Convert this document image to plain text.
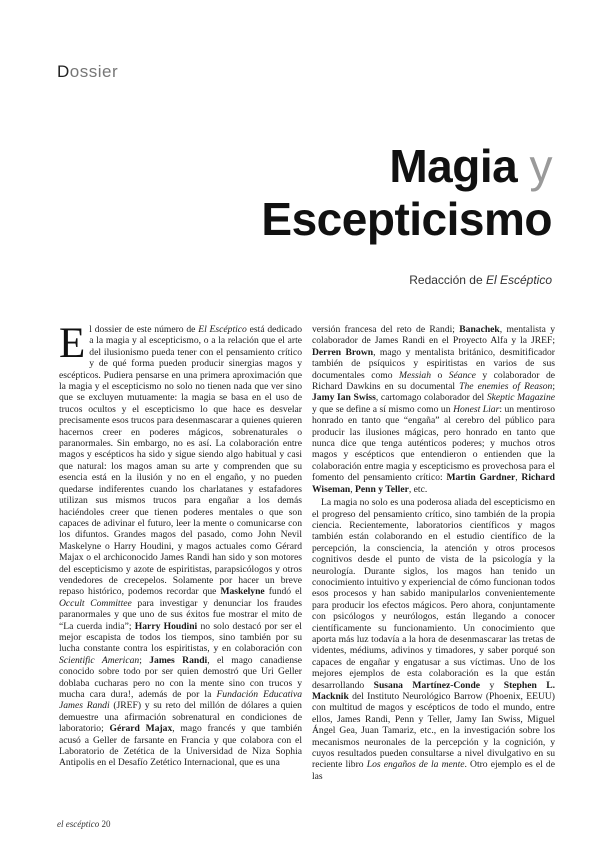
Dossier
Magia y
Escepticismo
Redacción de El Escéptico

El dossier de este número de El Escéptico está dedicado a la magia y al escepticismo, o a la relación que el arte del ilusionismo pueda tener con el pensamiento crítico y de qué forma pueden producir sinergias magos y escépticos. Pudiera pensarse en una primera aproximación que la magia y el escepticismo no solo no tienen nada que ver sino que se excluyen mutuamente: la magia se basa en el uso de trucos ocultos y el escepticismo lo que hace es desvelar precisamente esos trucos para desenmascarar a quienes quieren hacernos creer en poderes mágicos, sobrenaturales o paranormales. Sin embargo, no es así. La colaboración entre magos y escépticos ha sido y sigue siendo algo habitual y casi que natural: los magos aman su arte y comprenden que su esencia está en la ilusión y no en el engaño, y no pueden quedarse indiferentes cuando los charlatanes y estafadores utilizan sus mismos trucos para engañar a los demás haciéndoles creer que tienen poderes mentales o que son capaces de adivinar el futuro, leer la mente o comunicarse con los difuntos. Grandes magos del pasado, como John Nevil Maskelyne o Harry Houdini, y magos actuales como Gérard Majax o el archiconocido James Randi han sido y son motores del escepticismo y azote de espiritistas, parapsicólogos y otros vendedores de crecepelos. Solamente por hacer un breve repaso histórico, podemos recordar que Maskelyne fundó el Occult Committee para investigar y denunciar los fraudes paranormales y que uno de sus éxitos fue mostrar el mito de “La cuerda india”; Harry Houdini no solo destacó por ser el mejor escapista de todos los tiempos, sino también por su lucha constante contra los espiritistas, y en colaboración con Scientific American; James Randi, el mago canadiense conocido sobre todo por ser quien demostró que Uri Geller doblaba cucharas pero no con la mente sino con trucos y mucha cara dura!, además de por la Fundación Educativa James Randi (JREF) y su reto del millón de dólares a quien demuestre una afirmación sobrenatural en condiciones de laboratorio; Gérard Majax, mago francés y que también acusó a Geller de farsante en Francia y que colabora con el Laboratorio de Zetética de la Universidad de Niza Sophia Antipolis en el Desafío Zetético Internacional, que es una

versión francesa del reto de Randi; Banachek, mentalista y colaborador de James Randi en el Proyecto Alfa y la JREF; Derren Brown, mago y mentalista británico, desmitificador también de psíquicos y espiritistas en varios de sus documentales como Messiah o Séance y colaborador de Richard Dawkins en su documental The enemies of Reason; Jamy Ian Swiss, cartomago colaborador del Skeptic Magazine y que se define a sí mismo como un Honest Liar: un mentiroso honrado en tanto que “engaña” al cerebro del público para producir las ilusiones mágicas, pero honrado en tanto que nunca dice que tenga auténticos poderes; y muchos otros magos y escépticos que entendieron o entienden que la colaboración entre magia y escepticismo es provechosa para el fomento del pensamiento crítico: Martin Gardner, Richard Wiseman, Penn y Teller, etc.

La magia no solo es una poderosa aliada del escepticismo en el progreso del pensamiento crítico, sino también de la propia ciencia. Recientemente, laboratorios científicos y magos también están colaborando en el estudio científico de la percepción, la consciencia, la atención y otros procesos cognitivos desde el punto de vista de la psicología y la neurología. Durante siglos, los magos han tenido un conocimiento intuitivo y experiencial de cómo funcionan todos esos procesos y han sabido manipularlos convenientemente para producir los efectos mágicos. Pero ahora, conjuntamente con psicólogos y neurólogos, están llegando a conocer científicamente su funcionamiento. Un conocimiento que aporta más luz todavía a la hora de desenmascarar las tretas de videntes, médiums, adivinos y timadores, y saber porqué son capaces de engañar y engatusar a sus víctimas. Uno de los mejores ejemplos de esta colaboración es la que están desarrollando Susana Martínez-Conde y Stephen L. Macknik del Instituto Neurológico Barrow (Phoenix, EEUU) con multitud de magos y escépticos de todo el mundo, entre ellos, James Randi, Penn y Teller, Jamy Ian Swiss, Miguel Ángel Gea, Juan Tamariz, etc., en la investigación sobre los mecanismos neuronales de la percepción y la cognición, y cuyos resultados pueden consultarse a nivel divulgativo en su reciente libro Los engaños de la mente. Otro ejemplo es el de las

el escéptico 20
